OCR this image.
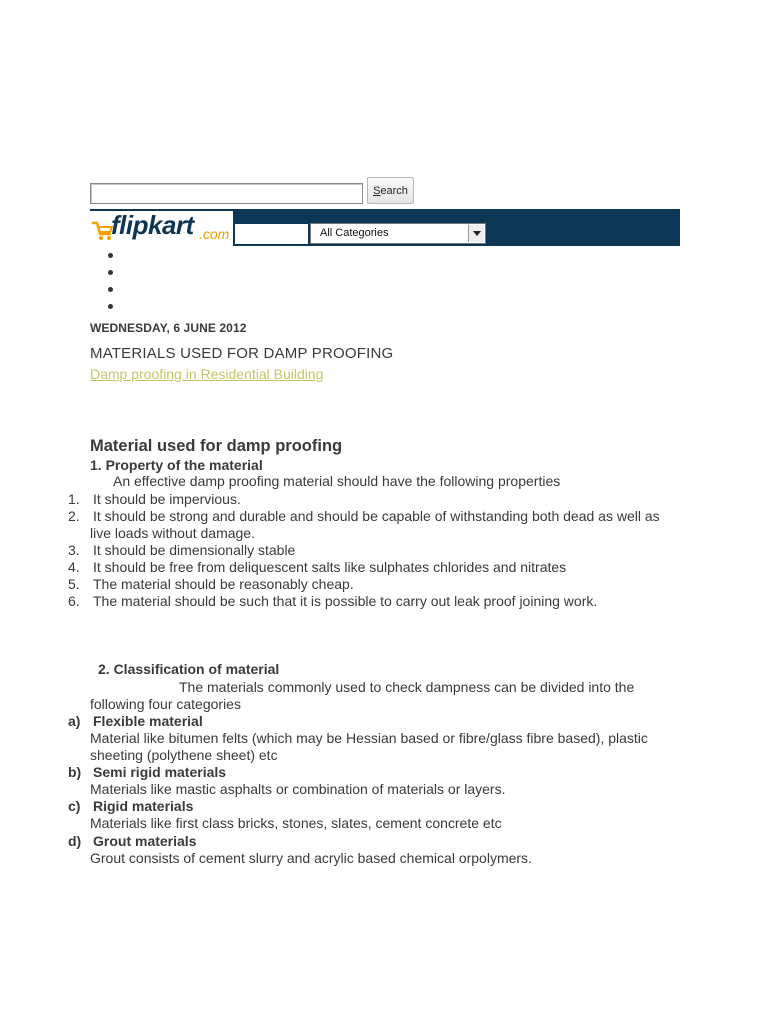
Search
flipkart .com	All Categories
WEDNESDAY, 6 JUNE 2012
MATERIALS USED FOR DAMP PROOFING
Damp proofing in Residential Building
Material used for damp proofing
1. Property of the material
An effective damp proofing material should have the following properties
1. It should be impervious.
2. It should be strong and durable and should be capable of withstanding both dead as well as
live loads without damage.
3. It should be dimensionally stable
4. It should be free from deliquescent salts like sulphates chlorides and nitrates
5. The material should be reasonably cheap.
6. The material should be such that it is possible to carry out leak proof joining work.
2. Classification of material
The materials commonly used to check dampness can be divided into the
following four categories
a) Flexible material
Material like bitumen felts (which may be Hessian based or fibre/glass fibre based), plastic
sheeting (polythene sheet) etc
b) Semi rigid materials
Materials like mastic asphalts or combination of materials or layers.
c) Rigid materials
Materials like first class bricks, stones, slates, cement concrete etc
d) Grout materials
Grout consists of cement slurry and acrylic based chemical orpolymers.
